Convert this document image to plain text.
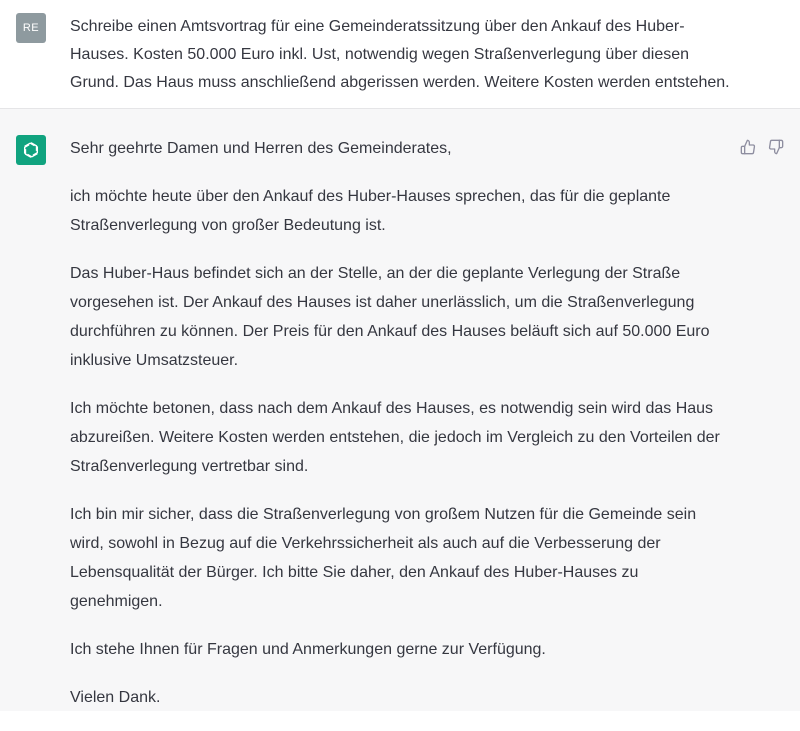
RE Schreibe einen Amtsvortrag für eine Gemeinderatssitzung über den Ankauf des Huber-Hauses. Kosten 50.000 Euro inkl. Ust, notwendig wegen Straßenverlegung über diesen Grund. Das Haus muss anschließend abgerissen werden. Weitere Kosten werden entstehen.

Sehr geehrte Damen und Herren des Gemeinderates,

ich möchte heute über den Ankauf des Huber-Hauses sprechen, das für die geplante Straßenverlegung von großer Bedeutung ist.

Das Huber-Haus befindet sich an der Stelle, an der die geplante Verlegung der Straße vorgesehen ist. Der Ankauf des Hauses ist daher unerlässlich, um die Straßenverlegung durchführen zu können. Der Preis für den Ankauf des Hauses beläuft sich auf 50.000 Euro inklusive Umsatzsteuer.

Ich möchte betonen, dass nach dem Ankauf des Hauses, es notwendig sein wird das Haus abzureißen. Weitere Kosten werden entstehen, die jedoch im Vergleich zu den Vorteilen der Straßenverlegung vertretbar sind.

Ich bin mir sicher, dass die Straßenverlegung von großem Nutzen für die Gemeinde sein wird, sowohl in Bezug auf die Verkehrssicherheit als auch auf die Verbesserung der Lebensqualität der Bürger. Ich bitte Sie daher, den Ankauf des Huber-Hauses zu genehmigen.

Ich stehe Ihnen für Fragen und Anmerkungen gerne zur Verfügung.

Vielen Dank.
